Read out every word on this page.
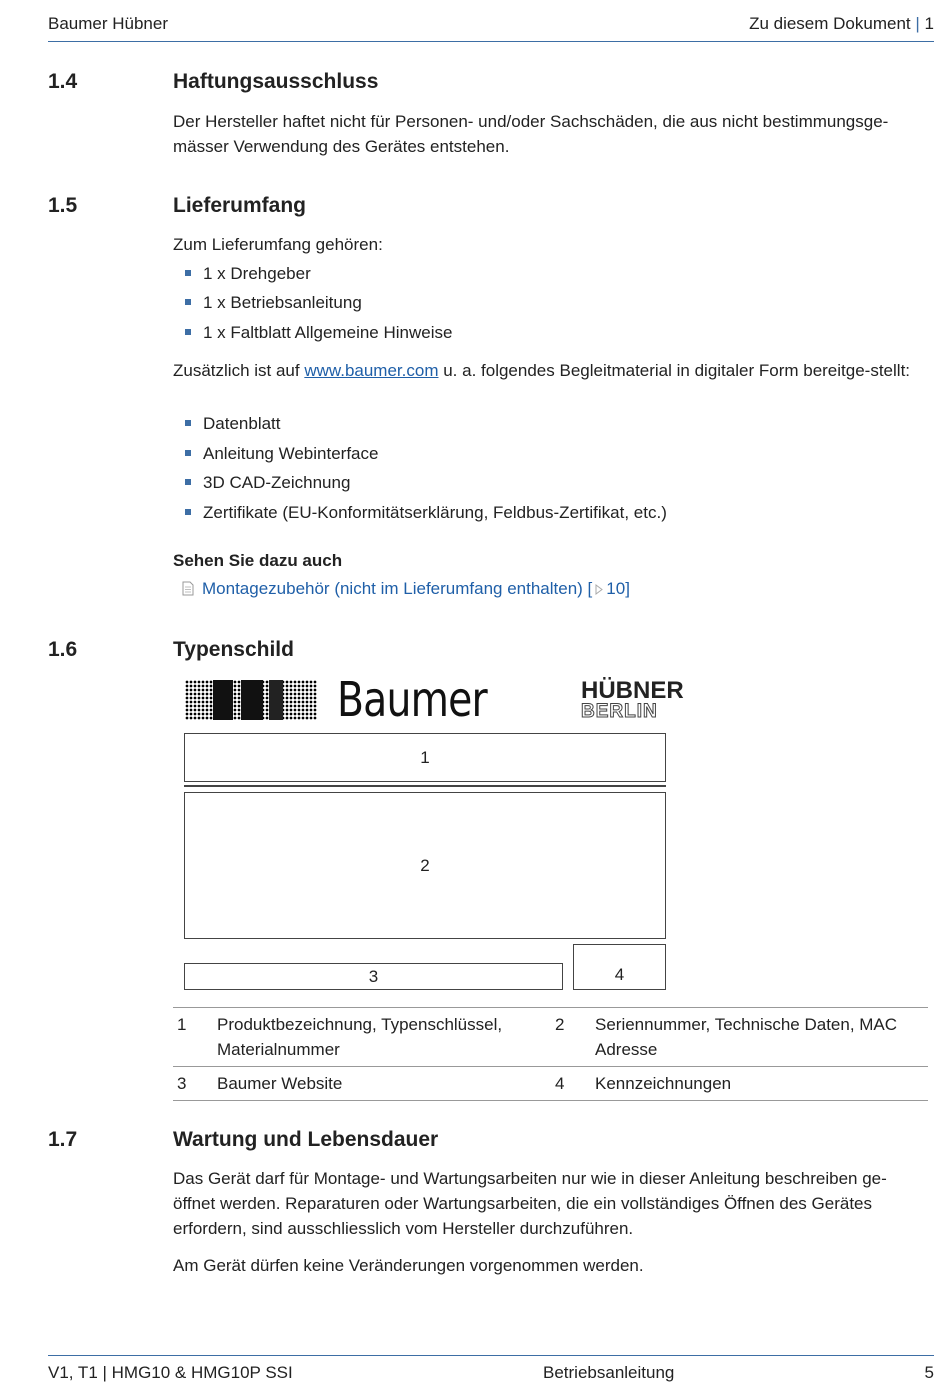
Baumer Hübner	Zu diesem Dokument | 1
1.4	Haftungsausschluss
Der Hersteller haftet nicht für Personen- und/oder Sachschäden, die aus nicht bestimmungsge-mässer Verwendung des Gerätes entstehen.
1.5	Lieferumfang
Zum Lieferumfang gehören:
1 x Drehgeber
1 x Betriebsanleitung
1 x Faltblatt Allgemeine Hinweise
Zusätzlich ist auf www.baumer.com u. a. folgendes Begleitmaterial in digitaler Form bereitge-stellt:
Datenblatt
Anleitung Webinterface
3D CAD-Zeichnung
Zertifikate (EU-Konformitätserklärung, Feldbus-Zertifikat, etc.)
Sehen Sie dazu auch
Montagezubehör (nicht im Lieferumfang enthalten) [ 10]
1.6	Typenschild
Baumer	HÜBNER
BERLIN
1
2
3	4
1	Produktbezeichnung, Typenschlüssel, Materialnummer	2	Seriennummer, Technische Daten, MAC Adresse
3	Baumer Website	4	Kennzeichnungen
1.7	Wartung und Lebensdauer
Das Gerät darf für Montage- und Wartungsarbeiten nur wie in dieser Anleitung beschreiben ge-öffnet werden. Reparaturen oder Wartungsarbeiten, die ein vollständiges Öffnen des Gerätes erfordern, sind ausschliesslich vom Hersteller durchzuführen.
Am Gerät dürfen keine Veränderungen vorgenommen werden.
V1, T1 | HMG10 & HMG10P SSI	Betriebsanleitung	5
